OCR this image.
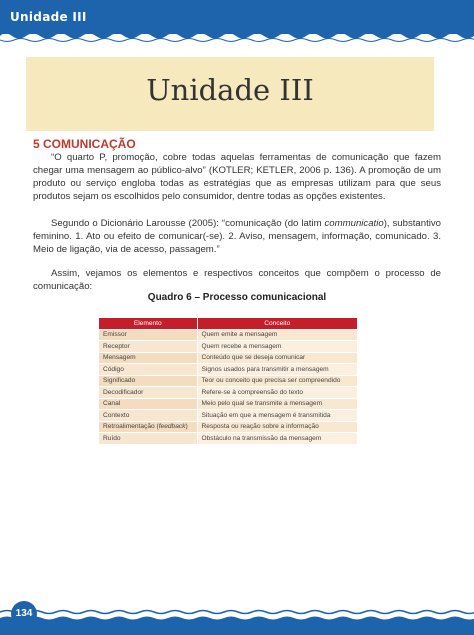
Unidade III
Unidade III
5 COMUNICAÇÃO

“O quarto P, promoção, cobre todas aquelas ferramentas de comunicação que fazem chegar uma mensagem ao público-alvo” (KOTLER; KETLER, 2006 p. 136). A promoção de um produto ou serviço engloba todas as estratégias que as empresas utilizam para que seus produtos sejam os escolhidos pelo consumidor, dentre todas as opções existentes.

Segundo o Dicionário Larousse (2005): “comunicação (do latim communicatio), substantivo feminino. 1. Ato ou efeito de comunicar(-se). 2. Aviso, mensagem, informação, comunicado. 3. Meio de ligação, via de acesso, passagem.”

Assim, vejamos os elementos e respectivos conceitos que compõem o processo de comunicação:

Quadro 6 – Processo comunicacional
Elemento	Conceito
Emissor	Quem emite a mensagem
Receptor	Quem recebe a mensagem
Mensagem	Conteúdo que se deseja comunicar
Código	Signos usados para transmitir a mensagem
Significado	Teor ou conceito que precisa ser compreendido
Decodificador	Refere-se à compreensão do texto
Canal	Meio pelo qual se transmite a mensagem
Contexto	Situação em que a mensagem é transmitida
Retroalimentação (feedback)	Resposta ou reação sobre a informação
Ruído	Obstáculo na transmissão da mensagem
134
